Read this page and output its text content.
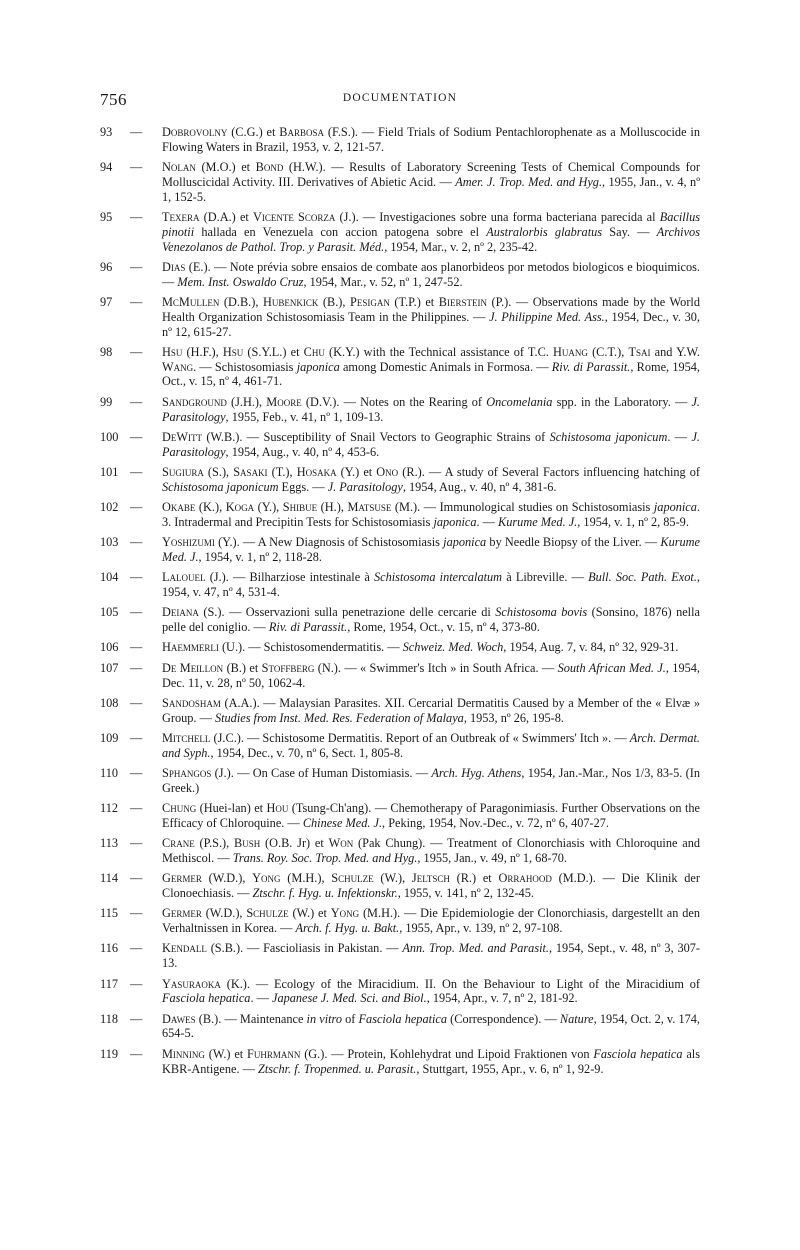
756	DOCUMENTATION
93	— Dobrovolny (C.G.) et Barbosa (F.S.). — Field Trials of Sodium Pentachlorophenate as a Molluscocide in Flowing Waters in Brazil, 1953, v. 2, 121-57.
94	— Nolan (M.O.) et Bond (H.W.). — Results of Laboratory Screening Tests of Chemical Compounds for Molluscicidal Activity. III. Derivatives of Abietic Acid. — Amer. J. Trop. Med. and Hyg., 1955, Jan., v. 4, nº 1, 152-5.
95	— Texera (D.A.) et Vicente Scorza (J.). — Investigaciones sobre una forma bacteriana parecida al Bacillus pinotii hallada en Venezuela con accion patogena sobre el Australorbis glabratus Say. — Archivos Venezolanos de Pathol. Trop. y Parasit. Méd., 1954, Mar., v. 2, nº 2, 235-42.
96	— Dias (E.). — Note prévia sobre ensaios de combate aos planorbideos por metodos biologicos e bioquimicos. — Mem. Inst. Oswaldo Cruz, 1954, Mar., v. 52, nº 1, 247-52.
97	— McMullen (D.B.), Hubenkick (B.), Pesigan (T.P.) et Bierstein (P.). — Observations made by the World Health Organization Schistosomiasis Team in the Philippines. — J. Philippine Med. Ass., 1954, Dec., v. 30, nº 12, 615-27.
98	— Hsu (H.F.), Hsu (S.Y.L.) et Chu (K.Y.) with the Technical assistance of T.C. Huang (C.T.), Tsai and Y.W. Wang. — Schistosomiasis japonica among Domestic Animals in Formosa. — Riv. di Parassit., Rome, 1954, Oct., v. 15, nº 4, 461-71.
99	— Sandground (J.H.), Moore (D.V.). — Notes on the Rearing of Oncomelania spp. in the Laboratory. — J. Parasitology, 1955, Feb., v. 41, nº 1, 109-13.
100 — DeWitt (W.B.). — Susceptibility of Snail Vectors to Geographic Strains of Schistosoma japonicum. — J. Parasitology, 1954, Aug., v. 40, nº 4, 453-6.
101 — Sugiura (S.), Sasaki (T.), Hosaka (Y.) et Ono (R.). — A study of Several Factors influencing hatching of Schistosoma japonicum Eggs. — J. Parasitology, 1954, Aug., v. 40, nº 4, 381-6.
102 — Okabe (K.), Koga (Y.), Shibue (H.), Matsuse (M.). — Immunological studies on Schistosomiasis japonica. 3. Intradermal and Precipitin Tests for Schistosomiasis japonica. — Kurume Med. J., 1954, v. 1, nº 2, 85-9.
103 — Yoshizumi (Y.). — A New Diagnosis of Schistosomiasis japonica by Needle Biopsy of the Liver. — Kurume Med. J., 1954, v. 1, nº 2, 118-28.
104 — Lalouel (J.). — Bilharziose intestinale à Schistosoma intercalatum à Libreville. — Bull. Soc. Path. Exot., 1954, v. 47, nº 4, 531-4.
105 — Deiana (S.). — Osservazioni sulla penetrazione delle cercarie di Schistosoma bovis (Sonsino, 1876) nella pelle del coniglio. — Riv. di Parassit., Rome, 1954, Oct., v. 15, nº 4, 373-80.
106 — Haemmerli (U.). — Schistosomendermatitis. — Schweiz. Med. Woch, 1954, Aug. 7, v. 84, nº 32, 929-31.
107 — De Meillon (B.) et Stoffberg (N.). — « Swimmer's Itch » in South Africa. — South African Med. J., 1954, Dec. 11, v. 28, nº 50, 1062-4.
108 — Sandosham (A.A.). — Malaysian Parasites. XII. Cercarial Dermatitis Caused by a Member of the « Elvæ » Group. — Studies from Inst. Med. Res. Federation of Malaya, 1953, nº 26, 195-8.
109 — Mitchell (J.C.). — Schistosome Dermatitis. Report of an Outbreak of « Swimmers' Itch ». — Arch. Dermat. and Syph., 1954, Dec., v. 70, nº 6, Sect. 1, 805-8.
110 — Sphangos (J.). — On Case of Human Distomiasis. — Arch. Hyg. Athens, 1954, Jan.-Mar., Nos 1/3, 83-5. (In Greek.)
112 — Chung (Huei-lan) et Hou (Tsung-Ch'ang). — Chemotherapy of Paragonimiasis. Further Observations on the Efficacy of Chloroquine. — Chinese Med. J., Peking, 1954, Nov.-Dec., v. 72, nº 6, 407-27.
113 — Crane (P.S.), Bush (O.B. Jr) et Won (Pak Chung). — Treatment of Clonorchiasis with Chloroquine and Methiscol. — Trans. Roy. Soc. Trop. Med. and Hyg., 1955, Jan., v. 49, nº 1, 68-70.
114 — Germer (W.D.), Yong (M.H.), Schulze (W.), Jeltsch (R.) et Orrahood (M.D.). — Die Klinik der Clonoechiasis. — Ztschr. f. Hyg. u. Infektionskr., 1955, v. 141, nº 2, 132-45.
115 — Germer (W.D.), Schulze (W.) et Yong (M.H.). — Die Epidemiologie der Clonorchiasis, dargestellt an den Verhaltnissen in Korea. — Arch. f. Hyg. u. Bakt., 1955, Apr., v. 139, nº 2, 97-108.
116 — Kendall (S.B.). — Fascioliasis in Pakistan. — Ann. Trop. Med. and Parasit., 1954, Sept., v. 48, nº 3, 307-13.
117 — Yasuraoka (K.). — Ecology of the Miracidium. II. On the Behaviour to Light of the Miracidium of Fasciola hepatica. — Japanese J. Med. Sci. and Biol., 1954, Apr., v. 7, nº 2, 181-92.
118 — Dawes (B.). — Maintenance in vitro of Fasciola hepatica (Correspondence). — Nature, 1954, Oct. 2, v. 174, 654-5.
119 — Minning (W.) et Fuhrmann (G.). — Protein, Kohlehydrat und Lipoid Fraktionen von Fasciola hepatica als KBR-Antigene. — Ztschr. f. Tropenmed. u. Parasit., Stuttgart, 1955, Apr., v. 6, nº 1, 92-9.
